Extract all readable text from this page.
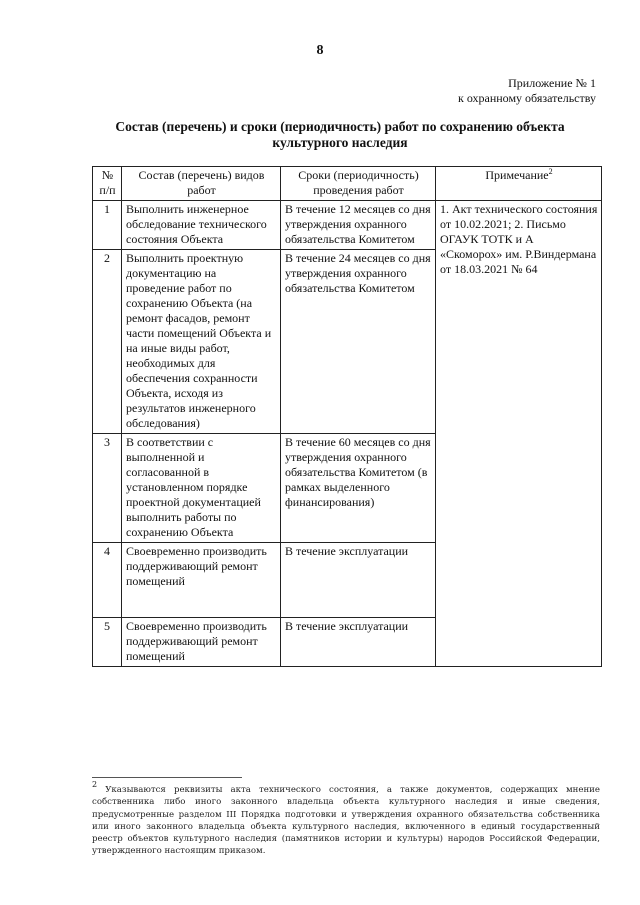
8
Приложение № 1
к охранному обязательству
Состав (перечень) и сроки (периодичность) работ по сохранению объекта культурного наследия
№ п/п	Состав (перечень) видов работ	Сроки (периодичность) проведения работ	Примечание$^2$
1	Выполнить инженерное обследование технического состояния Объекта	В течение 12 месяцев со дня утверждения охранного обязательства Комитетом	1. Акт технического состояния от 10.02.2021; 2. Письмо ОГАУК ТОТК и А «Скоморох» им. Р.Виндермана от 18.03.2021 № 64
2	Выполнить проектную документацию на проведение работ по сохранению Объекта (на ремонт фасадов, ремонт части помещений Объекта и на иные виды работ, необходимых для обеспечения сохранности Объекта, исходя из результатов инженерного обследования)	В течение 24 месяцев со дня утверждения охранного обязательства Комитетом	
3	В соответствии с выполненной и согласованной в установленном порядке проектной документацией выполнить работы по сохранению Объекта	В течение 60 месяцев со дня утверждения охранного обязательства Комитетом (в рамках выделенного финансирования)	
4	Своевременно производить поддерживающий ремонт помещений	В течение эксплуатации	
5	Своевременно производить поддерживающий ремонт помещений	В течение эксплуатации	
$^2$ Указываются реквизиты акта технического состояния, а также документов, содержащих мнение собственника либо иного законного владельца объекта культурного наследия и иные сведения, предусмотренные разделом III Порядка подготовки и утверждения охранного обязательства собственника или иного законного владельца объекта культурного наследия, включенного в единый государственный реестр объектов культурного наследия (памятников истории и культуры) народов Российской Федерации, утвержденного настоящим приказом.
